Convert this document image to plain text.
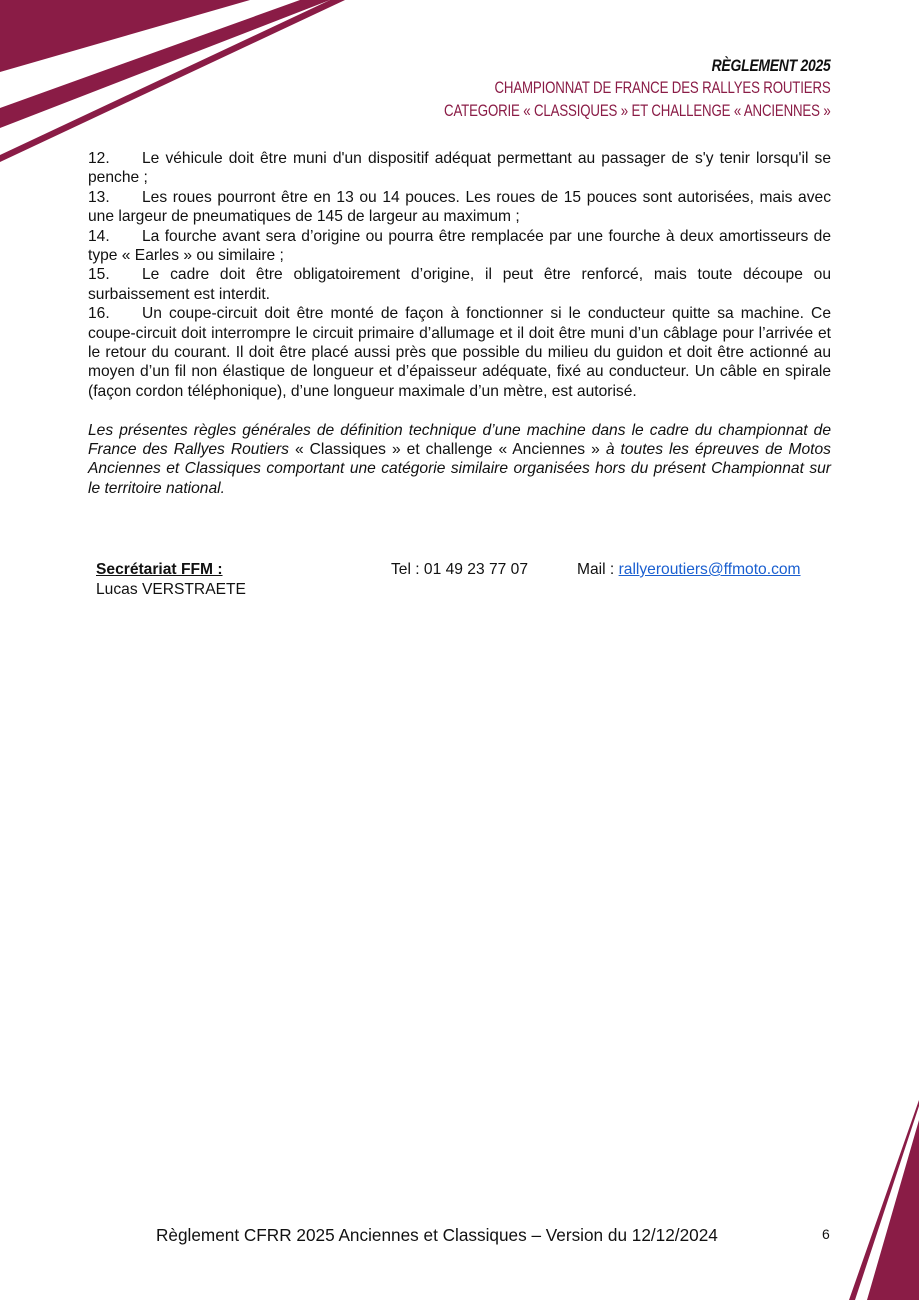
RÈGLEMENT 2025
CHAMPIONNAT DE FRANCE DES RALLYES ROUTIERS
CATEGORIE « CLASSIQUES » ET CHALLENGE « ANCIENNES »
12. Le véhicule doit être muni d'un dispositif adéquat permettant au passager de s'y tenir lorsqu'il se penche ;
13. Les roues pourront être en 13 ou 14 pouces. Les roues de 15 pouces sont autorisées, mais avec une largeur de pneumatiques de 145 de largeur au maximum ;
14. La fourche avant sera d’origine ou pourra être remplacée par une fourche à deux amortisseurs de type « Earles » ou similaire ;
15. Le cadre doit être obligatoirement d’origine, il peut être renforcé, mais toute découpe ou surbaissement est interdit.
16. Un coupe-circuit doit être monté de façon à fonctionner si le conducteur quitte sa machine. Ce coupe-circuit doit interrompre le circuit primaire d’allumage et il doit être muni d’un câblage pour l’arrivée et le retour du courant. Il doit être placé aussi près que possible du milieu du guidon et doit être actionné au moyen d’un fil non élastique de longueur et d’épaisseur adéquate, fixé au conducteur. Un câble en spirale (façon cordon téléphonique), d’une longueur maximale d’un mètre, est autorisé.
Les présentes règles générales de définition technique d’une machine dans le cadre du championnat de France des Rallyes Routiers « Classiques » et challenge « Anciennes » à toutes les épreuves de Motos Anciennes et Classiques comportant une catégorie similaire organisées hors du présent Championnat sur le territoire national.
Secrétariat FFM :
Lucas VERSTRAETE
Tel : 01 49 23 77 07	Mail : rallyeroutiers@ffmoto.com
Règlement CFRR 2025 Anciennes et Classiques – Version du 12/12/2024	6
